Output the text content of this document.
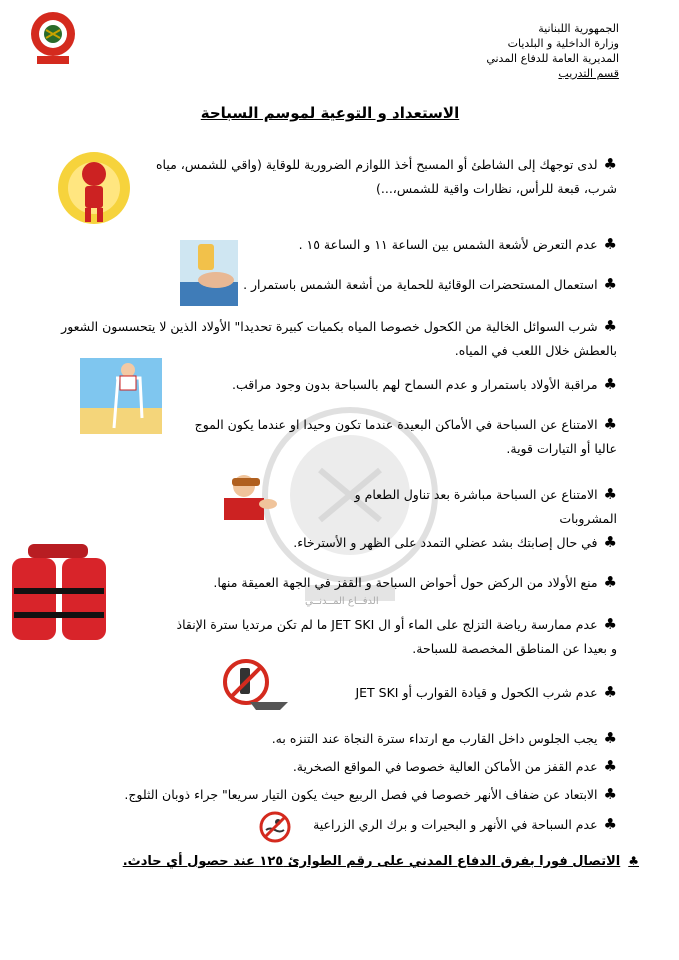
الجمهورية اللبنانية
وزارة الداخلية و البلديات
المديرية العامة للدفاع المدني
قسم التدريب
الاستعداد و التوعية لموسم السباحة
الدفــاع المــدنــي
♣لدى توجهك إلى الشاطئ أو المسبح أخذ اللوازم الضرورية للوقاية (واقي للشمس، مياه
شرب، قبعة للرأس، نظارات واقية للشمس،...)
♣عدم التعرض لأشعة الشمس بين الساعة ١١ و الساعة ١٥ .
♣استعمال المستحضرات الوقائية للحماية من أشعة الشمس باستمرار .
♣شرب السوائل الخالية من الكحول خصوصا المياه بكميات كبيرة تحديدا" الأولاد الذين لا يتحسسون الشعور
بالعطش خلال اللعب في المياه.
♣مراقبة الأولاد باستمرار و عدم السماح لهم بالسباحة بدون وجود مراقب.
♣الامتناع عن السباحة في الأماكن البعيدة عندما تكون وحيدا او عندما يكون الموج
عاليا أو التيارات قوية.
♣الامتناع عن السباحة مباشرة بعد تناول الطعام و المشروبات
♣في حال إصابتك بشد عضلي التمدد على الظهر و الأسترخاء.
♣منع الأولاد من الركض حول أحواض السباحة و القفز في الجهة العميقة منها.
♣عدم ممارسة رياضة التزلج على الماء أو ال JET SKI ما لم تكن مرتديا سترة الإنقاذ
و بعيدا عن المناطق المخصصة للسباحة.
♣عدم شرب الكحول و قيادة القوارب أو JET SKI
♣يجب الجلوس داخل القارب مع ارتداء سترة النجاة عند التنزه به.
♣عدم القفز من الأماكن العالية خصوصا في المواقع الصخرية.
♣الابتعاد عن ضفاف الأنهر خصوصا في فصل الربيع حيث يكون التيار سريعا" جراء ذوبان الثلوج.
♣عدم السباحة في الأنهر و البحيرات و برك الري الزراعية
♣الاتصال فورا بفرق الدفاع المدني على رقم الطوارئ ١٢٥ عند حصول أي حادث.
